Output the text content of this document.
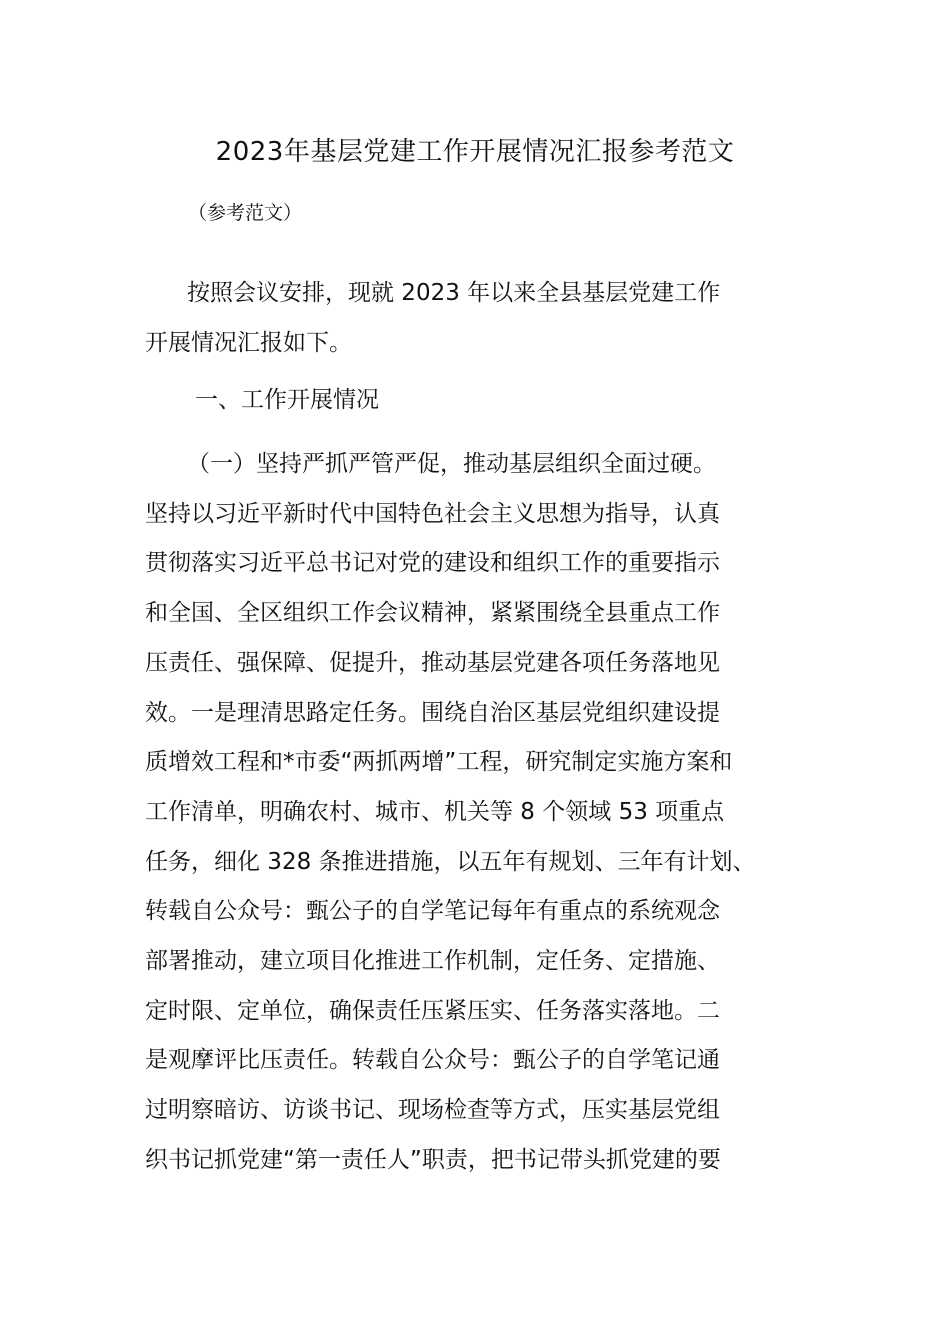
2023年基层党建工作开展情况汇报参考范文
（参考范文）
按照会议安排，现就 2023 年以来全县基层党建工作
开展情况汇报如下。
一、工作开展情况
（一）坚持严抓严管严促，推动基层组织全面过硬。
坚持以习近平新时代中国特色社会主义思想为指导，认真
贯彻落实习近平总书记对党的建设和组织工作的重要指示
和全国、全区组织工作会议精神，紧紧围绕全县重点工作
压责任、强保障、促提升，推动基层党建各项任务落地见
效。一是理清思路定任务。围绕自治区基层党组织建设提
质增效工程和*市委“两抓两增”工程，研究制定实施方案和
工作清单，明确农村、城市、机关等 8 个领域 53 项重点
任务，细化 328 条推进措施，以五年有规划、三年有计划、
转载自公众号：甄公子的自学笔记每年有重点的系统观念
部署推动，建立项目化推进工作机制，定任务、定措施、
定时限、定单位，确保责任压紧压实、任务落实落地。二
是观摩评比压责任。转载自公众号：甄公子的自学笔记通
过明察暗访、访谈书记、现场检查等方式，压实基层党组
织书记抓党建“第一责任人”职责，把书记带头抓党建的要
